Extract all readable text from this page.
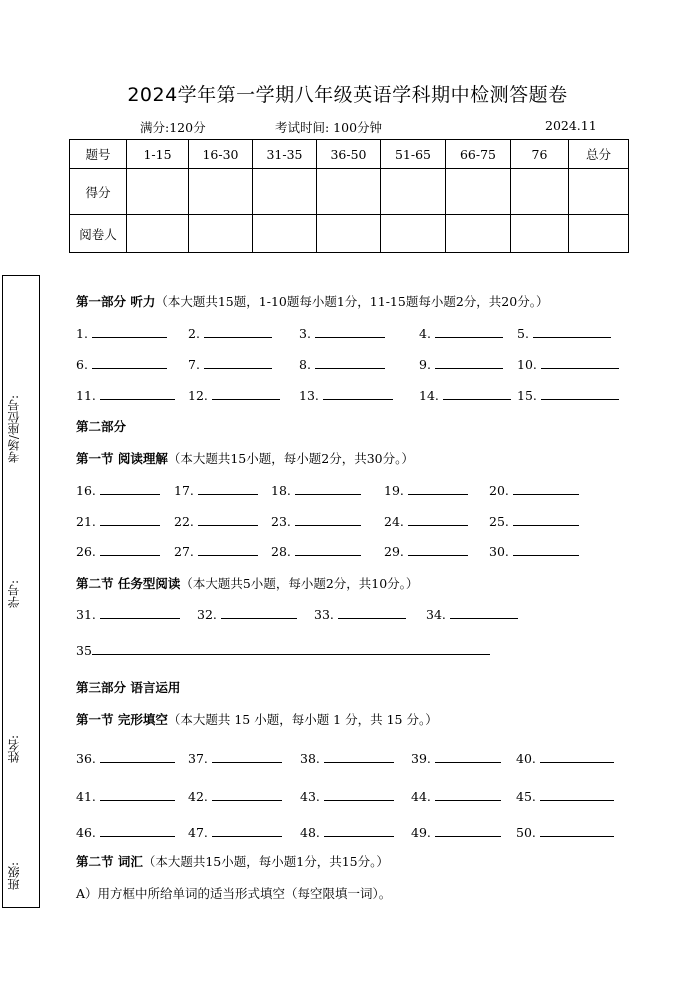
2024学年第一学期八年级英语学科期中检测答题卷
满分:120分	考试时间: 100分钟	2024.11
题号	1-15	16-30	31-35	36-50	51-65	66-75	76	总分
得分								
阅卷人								
考场/座位号:
学号:
姓名:
班级:
第一部分 听力（本大题共15题，1-10题每小题1分，11-15题每小题2分，共20分。）
1.	2.	3.	4.	5.
6.	7.	8.	9.	10.
11.	12.	13.	14.	15.
第二部分
第一节 阅读理解（本大题共15小题，每小题2分，共30分。）
16.	17.	18.	19.	20.
21.	22.	23.	24.	25.
26.	27.	28.	29.	30.
第二节 任务型阅读（本大题共5小题，每小题2分，共10分。）
31.	32.	33.	34.
35
第三部分 语言运用
第一节 完形填空（本大题共 15 小题，每小题 1 分，共 15 分。）
36.	37.	38.	39.	40.
41.	42.	43.	44.	45.
46.	47.	48.	49.	50.
第二节 词汇（本大题共15小题，每小题1分，共15分。）
A）用方框中所给单词的适当形式填空（每空限填一词）。
